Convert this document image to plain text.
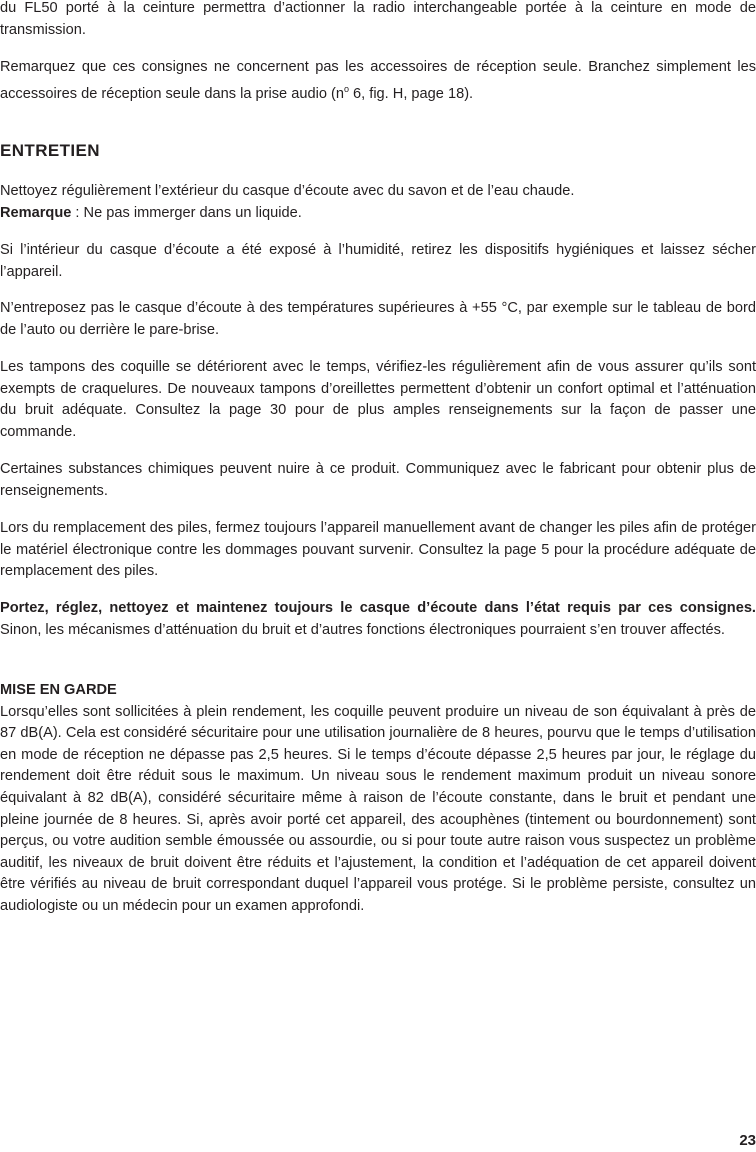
du FL50 porté à la ceinture permettra d’actionner la radio interchangeable portée à la ceinture en mode de transmission.

Remarquez que ces consignes ne concernent pas les accessoires de réception seule. Branchez simplement les accessoires de réception seule dans la prise audio ($n^o$ 6, fig. H, page 18).

ENTRETIEN

Nettoyez régulièrement l’extérieur du casque d’écoute avec du savon et de l’eau chaude.

Remarque : Ne pas immerger dans un liquide.

Si l’intérieur du casque d’écoute a été exposé à l’humidité, retirez les dispositifs hygiéniques et laissez sécher l’appareil.

N’entreposez pas le casque d’écoute à des températures supérieures à +55 °C, par exemple sur le tableau de bord de l’auto ou derrière le pare-brise.

Les tampons des coquille se détériorent avec le temps, vérifiez-les régulièrement afin de vous assurer qu’ils sont exempts de craquelures. De nouveaux tampons d’oreillettes permettent d’obtenir un confort optimal et l’atténuation du bruit adéquate. Consultez la page 30 pour de plus amples renseignements sur la façon de passer une commande.

Certaines substances chimiques peuvent nuire à ce produit. Communiquez avec le fabricant pour obtenir plus de renseignements.

Lors du remplacement des piles, fermez toujours l’appareil manuellement avant de changer les piles afin de protéger le matériel électronique contre les dommages pouvant survenir. Consultez la page 5 pour la procédure adéquate de remplacement des piles.

Portez, réglez, nettoyez et maintenez toujours le casque d’écoute dans l’état requis par ces consignes. Sinon, les mécanismes d’atténuation du bruit et d’autres fonctions électroniques pourraient s’en trouver affectés.

MISE EN GARDE

Lorsqu’elles sont sollicitées à plein rendement, les coquille peuvent produire un niveau de son équivalant à près de 87 dB(A). Cela est considéré sécuritaire pour une utilisation journalière de 8 heures, pourvu que le temps d’utilisation en mode de réception ne dépasse pas 2,5 heures. Si le temps d’écoute dépasse 2,5 heures par jour, le réglage du rendement doit être réduit sous le maximum. Un niveau sous le rendement maximum produit un niveau sonore équivalant à 82 dB(A), considéré sécuritaire même à raison de l’écoute constante, dans le bruit et pendant une pleine journée de 8 heures. Si, après avoir porté cet appareil, des acouphènes (tintement ou bourdonnement) sont perçus, ou votre audition semble émoussée ou assourdie, ou si pour toute autre raison vous suspectez un problème auditif, les niveaux de bruit doivent être réduits et l’ajustement, la condition et l’adéquation de cet appareil doivent être vérifiés au niveau de bruit correspondant duquel l’appareil vous protége. Si le problème persiste, consultez un audiologiste ou un médecin pour un examen approfondi.

23
